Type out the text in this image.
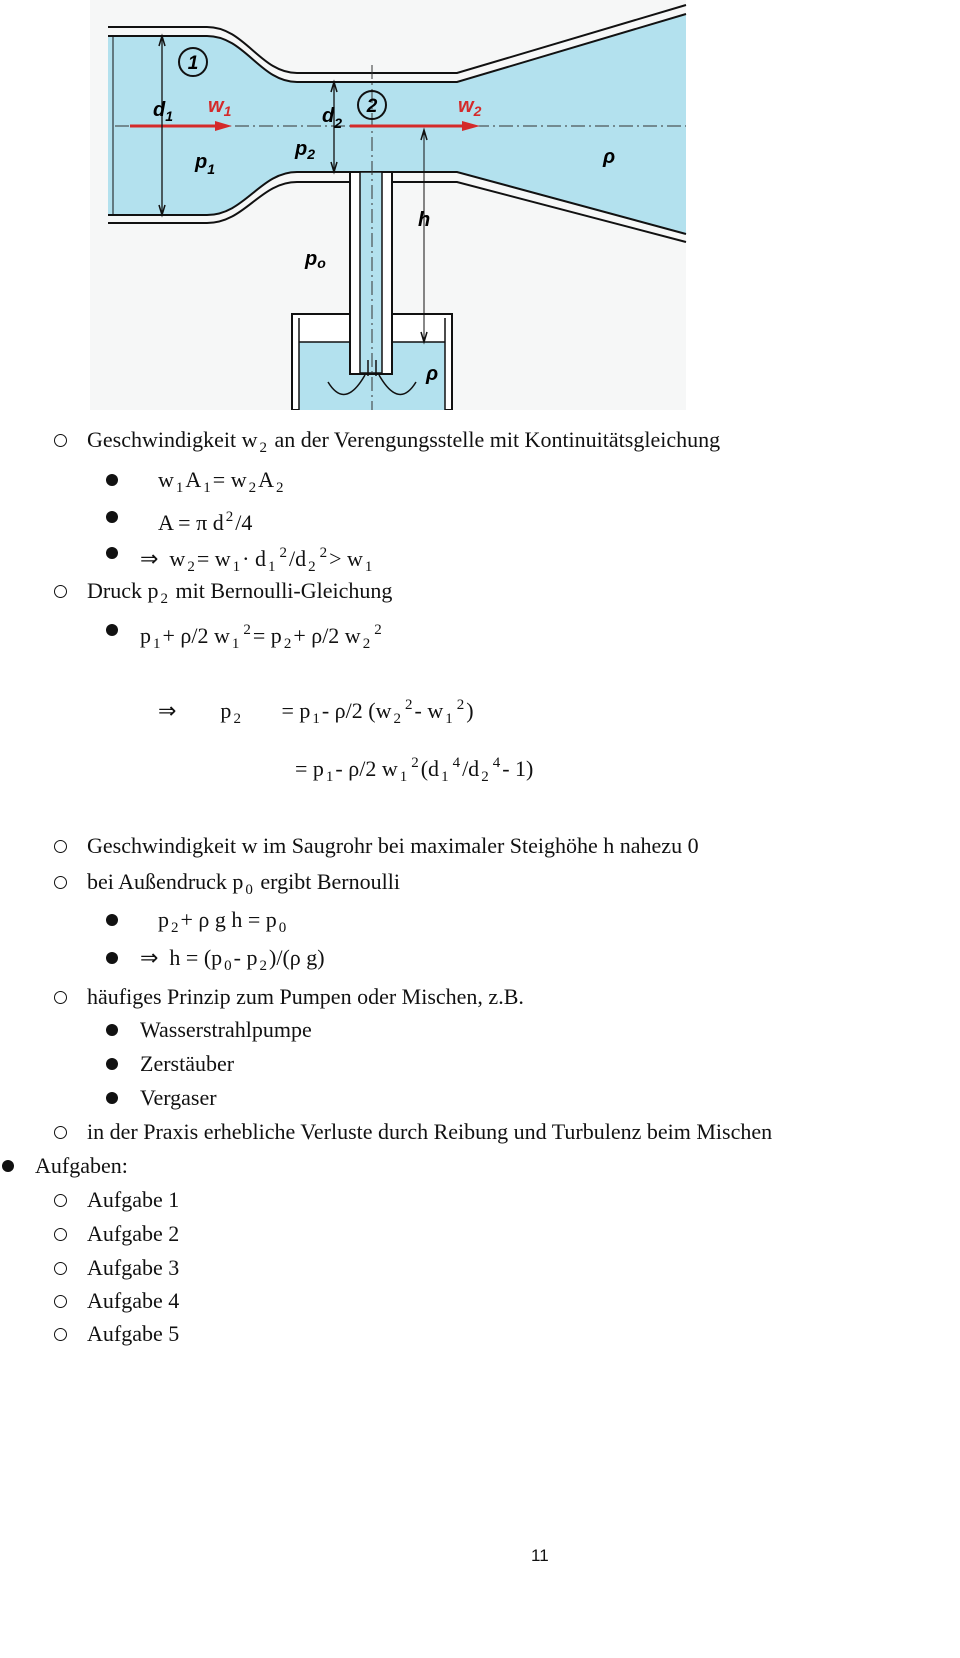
1
2
$d_1$ $w_1$	$d_2$
$w_2$
$p_1$
$p_2$	ρ
h
po
ρ
Geschwindigkeit w $_2$ an der Verengungsstelle mit Kontinuitätsgleichung
w $_1$A $_1$= w $_2$A $_2$
A = π d $^2$/4
⇒  w $_2$= w $_1$· d $_1^2$/d $_2^2$> w $_1$
Druck p $_2$ mit Bernoulli-Gleichung
p $_1$+ ρ/2 w $_1^2$= p $_2$+ ρ/2 w $_2^2$
⇒        p $_2$       = p $_1$- ρ/2 (w $_2^2$- w $_1^2$)
= p $_1$- ρ/2 w $_1^2$(d $_1^4$/d $_2^4$- 1)
Geschwindigkeit w im Saugrohr bei maximaler Steighöhe h nahezu 0
bei Außendruck p $_0$ ergibt Bernoulli
p $_2$+ ρ g h = p $_0$
⇒  h = (p $_0$- p $_2$)/(ρ g)
häufiges Prinzip zum Pumpen oder Mischen, z.B.
Wasserstrahlpumpe
Zerstäuber
Vergaser
in der Praxis erhebliche Verluste durch Reibung und Turbulenz beim Mischen
Aufgaben:
Aufgabe 1
Aufgabe 2
Aufgabe 3
Aufgabe 4
Aufgabe 5
11
